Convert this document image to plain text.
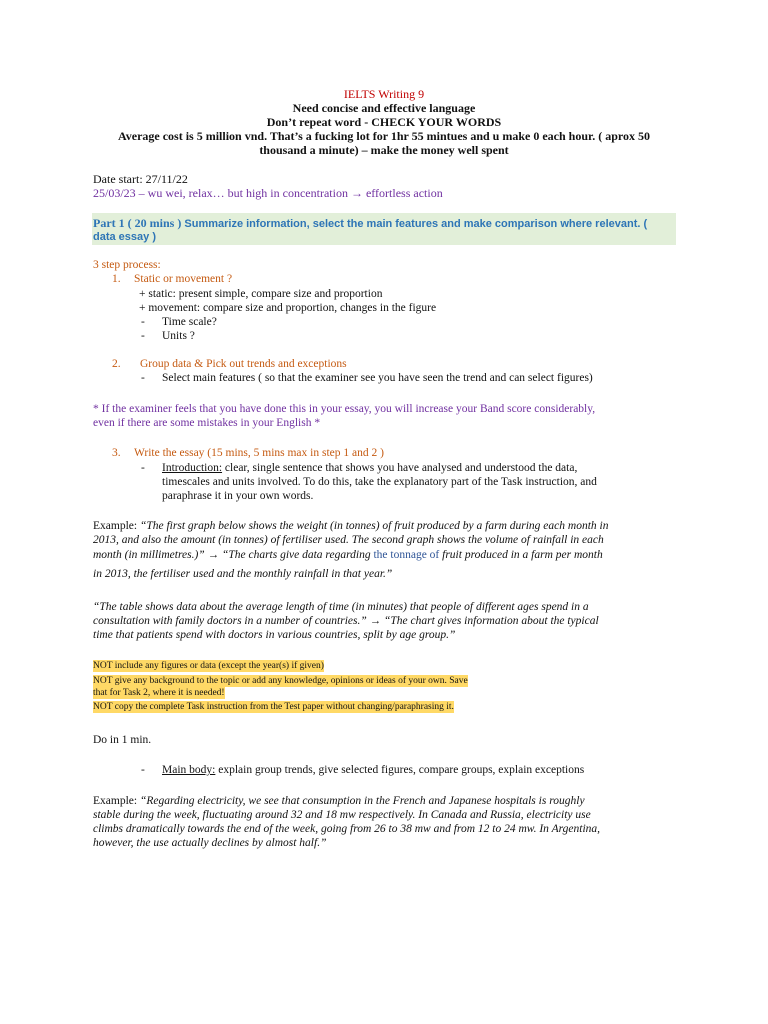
IELTS Writing 9

Need concise and effective language

Don’t repeat word - CHECK YOUR WORDS

Average cost is 5 million vnd. That’s a fucking lot for 1hr 55 mintues and u make 0 each hour. ( aprox 50

thousand a minute) – make the money well spent

Date start: 27/11/22

25/03/23 – wu wei, relax… but high in concentration → effortless action

Part 1 ( 20 mins ) Summarize information, select the main features and make comparison where relevant. (

data essay )

3 step process:

1. Static or movement ?

+ static: present simple, compare size and proportion

+ movement: compare size and proportion, changes in the figure

- Time scale?

- Units ?

2. Group data & Pick out trends and exceptions

- Select main features ( so that the examiner see you have seen the trend and can select figures)

* If the examiner feels that you have done this in your essay, you will increase your Band score considerably,

even if there are some mistakes in your English *

3. Write the essay (15 mins, 5 mins max in step 1 and 2 )

- Introduction: clear, single sentence that shows you have analysed and understood the data,

timescales and units involved. To do this, take the explanatory part of the Task instruction, and

paraphrase it in your own words.

Example: “The first graph below shows the weight (in tonnes) of fruit produced by a farm during each month in

2013, and also the amount (in tonnes) of fertiliser used. The second graph shows the volume of rainfall in each

month (in millimetres.)” → “The charts give data regarding the tonnage of fruit produced in a farm per month

in 2013, the fertiliser used and the monthly rainfall in that year.”

“The table shows data about the average length of time (in minutes) that people of different ages spend in a

consultation with family doctors in a number of countries.” → “The chart gives information about the typical

time that patients spend with doctors in various countries, split by age group.”

NOT include any figures or data (except the year(s) if given)

NOT give any background to the topic or add any knowledge, opinions or ideas of your own. Save

that for Task 2, where it is needed!

NOT copy the complete Task instruction from the Test paper without changing/paraphrasing it.

Do in 1 min.

- Main body: explain group trends, give selected figures, compare groups, explain exceptions

Example: “Regarding electricity, we see that consumption in the French and Japanese hospitals is roughly

stable during the week, fluctuating around 32 and 18 mw respectively. In Canada and Russia, electricity use

climbs dramatically towards the end of the week, going from 26 to 38 mw and from 12 to 24 mw. In Argentina,

however, the use actually declines by almost half.”
